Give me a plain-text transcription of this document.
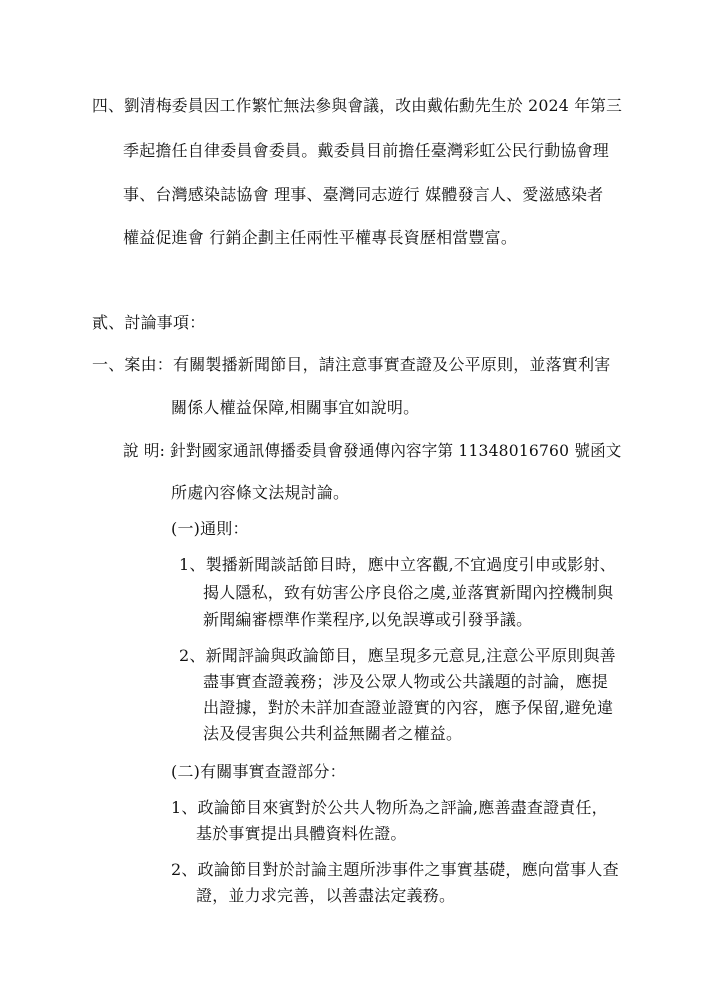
四、劉清梅委員因工作繁忙無法參與會議，改由戴佑勳先生於 2024 年第三
季起擔任自律委員會委員。戴委員目前擔任臺灣彩虹公民行動協會理
事、台灣感染誌協會 理事、臺灣同志遊行 媒體發言人、愛滋感染者
權益促進會 行銷企劃主任兩性平權專長資歷相當豐富。
貳、討論事項：
一、案由：有關製播新聞節目，請注意事實查證及公平原則，並落實利害
關係人權益保障,相關事宜如說明。
說 明: 針對國家通訊傳播委員會發通傳內容字第 11348016760 號函文
所處內容條文法規討論。
(一)通則：
1、製播新聞談話節目時，應中立客觀,不宜過度引申或影射、
揭人隱私，致有妨害公序良俗之虞,並落實新聞內控機制與
新聞編審標準作業程序,以免誤導或引發爭議。
2、新聞評論與政論節目，應呈現多元意見,注意公平原則與善
盡事實查證義務；涉及公眾人物或公共議題的討論，應提
出證據，對於未詳加查證並證實的內容，應予保留,避免違
法及侵害與公共利益無關者之權益。
(二)有關事實查證部分：
1、政論節目來賓對於公共人物所為之評論,應善盡查證責任，
基於事實提出具體資料佐證。
2、政論節目對於討論主題所涉事件之事實基礎，應向當事人查
證，並力求完善，以善盡法定義務。
